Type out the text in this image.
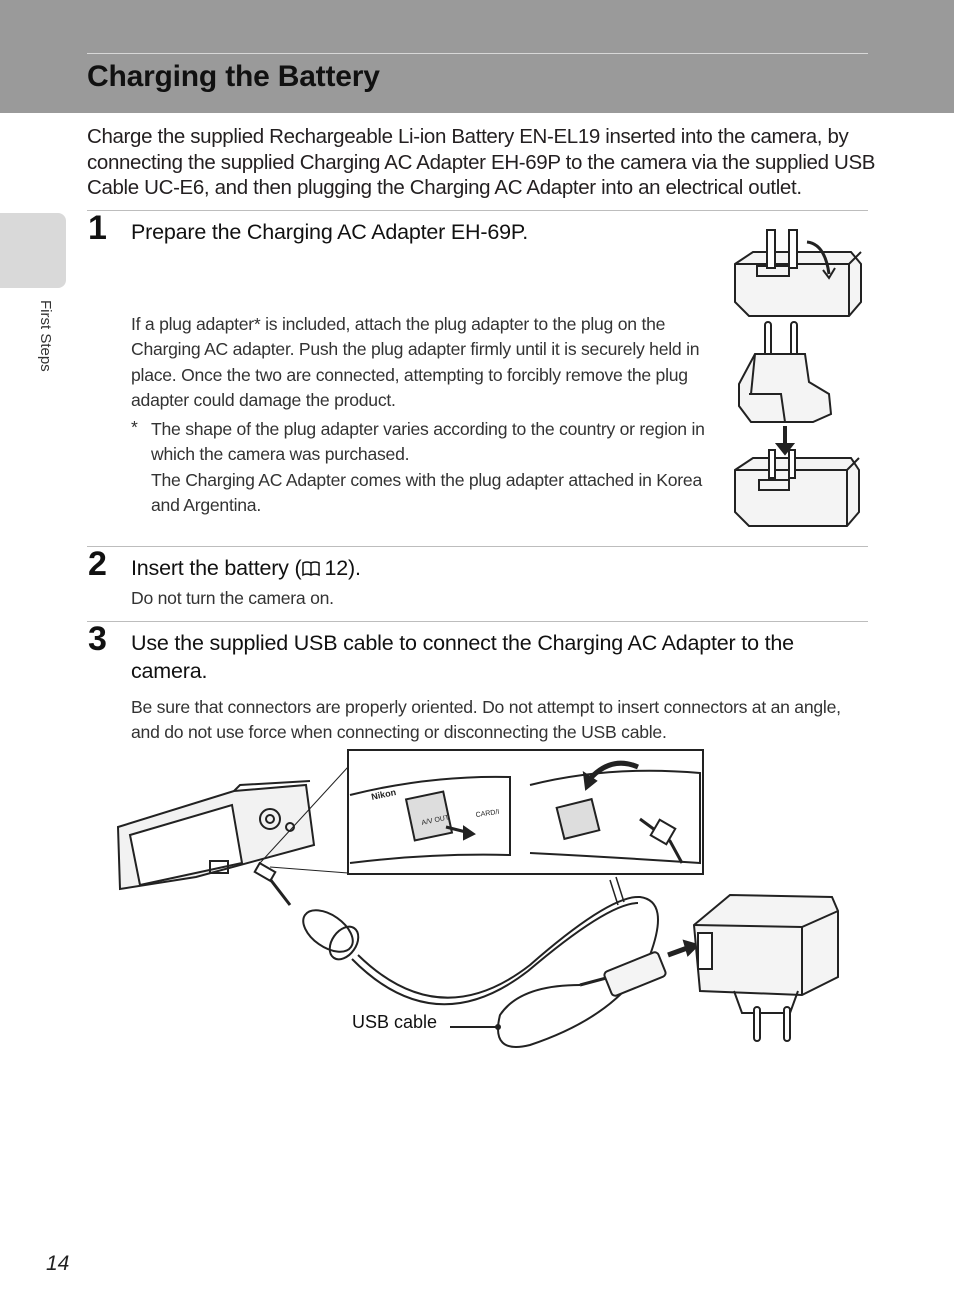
Charging the Battery
First Steps
Charge the supplied Rechargeable Li-ion Battery EN-EL19 inserted into the camera, by connecting the supplied Charging AC Adapter EH-69P to the camera via the supplied USB Cable UC-E6, and then plugging the Charging AC Adapter into an electrical outlet.
1 Prepare the Charging AC Adapter EH-69P.
If a plug adapter* is included, attach the plug adapter to the plug on the Charging AC adapter. Push the plug adapter firmly until it is securely held in place. Once the two are connected, attempting to forcibly remove the plug adapter could damage the product.
* The shape of the plug adapter varies according to the country or region in which the camera was purchased.
The Charging AC Adapter comes with the plug adapter attached in Korea and Argentina.
2 Insert the battery ( 12).
Do not turn the camera on.
3 Use the supplied USB cable to connect the Charging AC Adapter to the
camera.
Be sure that connectors are properly oriented. Do not attempt to insert connectors at an angle, and do not use force when connecting or disconnecting the USB cable.
Nikon
A/V OUT
CARD/I
USB cable
14
